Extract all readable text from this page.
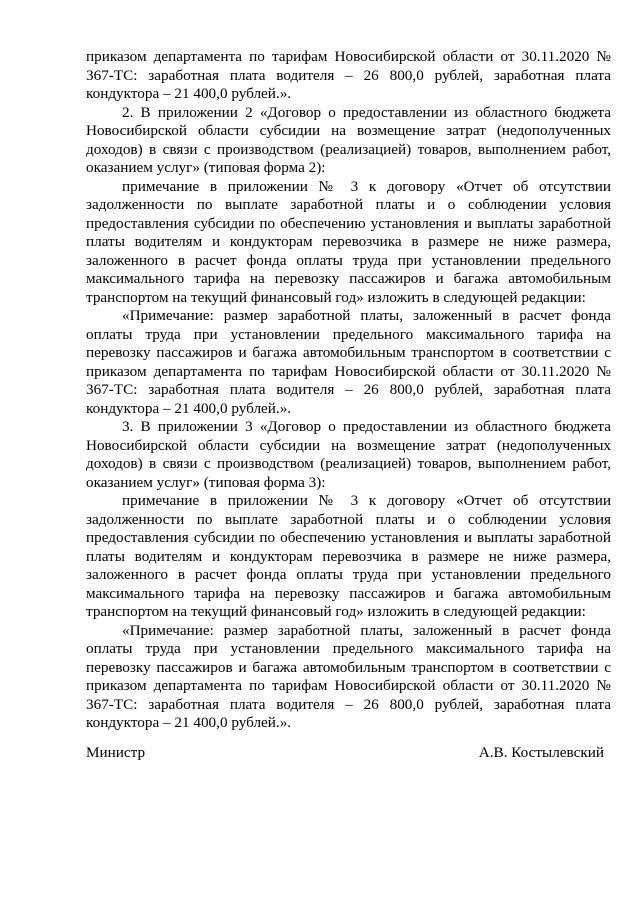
приказом департамента по тарифам Новосибирской области от 30.11.2020 № 367-ТС: заработная плата водителя – 26 800,0 рублей, заработная плата кондуктора – 21 400,0 рублей.».

2. В приложении 2 «Договор о предоставлении из областного бюджета Новосибирской области субсидии на возмещение затрат (недополученных доходов) в связи с производством (реализацией) товаров, выполнением работ, оказанием услуг» (типовая форма 2):

примечание в приложении № 3 к договору «Отчет об отсутствии задолженности по выплате заработной платы и о соблюдении условия предоставления субсидии по обеспечению установления и выплаты заработной платы водителям и кондукторам перевозчика в размере не ниже размера, заложенного в расчет фонда оплаты труда при установлении предельного максимального тарифа на перевозку пассажиров и багажа автомобильным транспортом на текущий финансовый год» изложить в следующей редакции:

«Примечание: размер заработной платы, заложенный в расчет фонда оплаты труда при установлении предельного максимального тарифа на перевозку пассажиров и багажа автомобильным транспортом в соответствии с приказом департамента по тарифам Новосибирской области от 30.11.2020 № 367-ТС: заработная плата водителя – 26 800,0 рублей, заработная плата кондуктора – 21 400,0 рублей.».

3. В приложении 3 «Договор о предоставлении из областного бюджета Новосибирской области субсидии на возмещение затрат (недополученных доходов) в связи с производством (реализацией) товаров, выполнением работ, оказанием услуг» (типовая форма 3):

примечание в приложении № 3 к договору «Отчет об отсутствии задолженности по выплате заработной платы и о соблюдении условия предоставления субсидии по обеспечению установления и выплаты заработной платы водителям и кондукторам перевозчика в размере не ниже размера, заложенного в расчет фонда оплаты труда при установлении предельного максимального тарифа на перевозку пассажиров и багажа автомобильным транспортом на текущий финансовый год» изложить в следующей редакции:

«Примечание: размер заработной платы, заложенный в расчет фонда оплаты труда при установлении предельного максимального тарифа на перевозку пассажиров и багажа автомобильным транспортом в соответствии с приказом департамента по тарифам Новосибирской области от 30.11.2020 № 367-ТС: заработная плата водителя – 26 800,0 рублей, заработная плата кондуктора – 21 400,0 рублей.».

Министр	А.В. Костылевский
